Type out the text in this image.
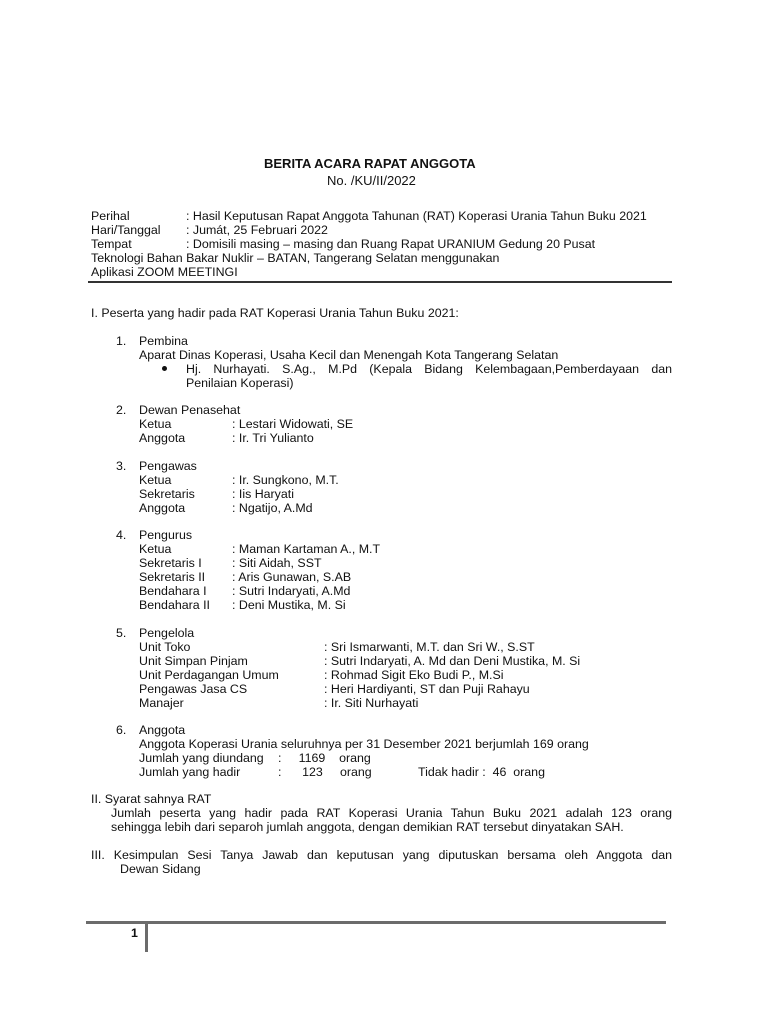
BERITA ACARA RAPAT ANGGOTA
No. /KU/II/2022
Perihal	: Hasil Keputusan Rapat Anggota Tahunan (RAT) Koperasi Urania Tahun Buku 2021
Hari/Tanggal : Jumát, 25 Februari 2022
Tempat	: Domisili masing – masing dan Ruang Rapat URANIUM Gedung 20 Pusat
Teknologi Bahan Bakar Nuklir – BATAN, Tangerang Selatan menggunakan
Aplikasi ZOOM MEETINGI
I. Peserta yang hadir pada RAT Koperasi Urania Tahun Buku 2021:
1. Pembina
Aparat Dinas Koperasi, Usaha Kecil dan Menengah Kota Tangerang Selatan
Hj. Nurhayati. S.Ag., M.Pd (Kepala Bidang Kelembagaan,Pemberdayaan dan
Penilaian Koperasi)
2. Dewan Penasehat
Ketua	: Lestari Widowati, SE
Anggota	: Ir. Tri Yulianto
3. Pengawas
Ketua	: Ir. Sungkono, M.T.
Sekretaris	: Iis Haryati
Anggota	: Ngatijo, A.Md
4. Pengurus
Ketua	: Maman Kartaman A., M.T
Sekretaris I : Siti Aidah, SST
Sekretaris II : Aris Gunawan, S.AB
Bendahara I : Sutri Indaryati, A.Md
Bendahara II : Deni Mustika, M. Si
5. Pengelola
Unit Toko	: Sri Ismarwanti, M.T. dan Sri W., S.ST
Unit Simpan Pinjam	: Sutri Indaryati, A. Md dan Deni Mustika, M. Si
Unit Perdagangan Umum	: Rohmad Sigit Eko Budi P., M.Si
Pengawas Jasa CS	: Heri Hardiyanti, ST dan Puji Rahayu
Manajer	: Ir. Siti Nurhayati
6. Anggota
Anggota Koperasi Urania seluruhnya per 31 Desember 2021 berjumlah 169 orang
Jumlah yang diundang :     1169    orang
Jumlah yang hadir	:      123     orang	Tidak hadir :  46  orang
II. Syarat sahnya RAT
Jumlah peserta yang hadir pada RAT Koperasi Urania Tahun Buku 2021 adalah 123 orang
sehingga lebih dari separoh jumlah anggota, dengan demikian RAT tersebut dinyatakan SAH.
III. Kesimpulan Sesi Tanya Jawab dan keputusan yang diputuskan bersama oleh Anggota dan
Dewan Sidang
1
